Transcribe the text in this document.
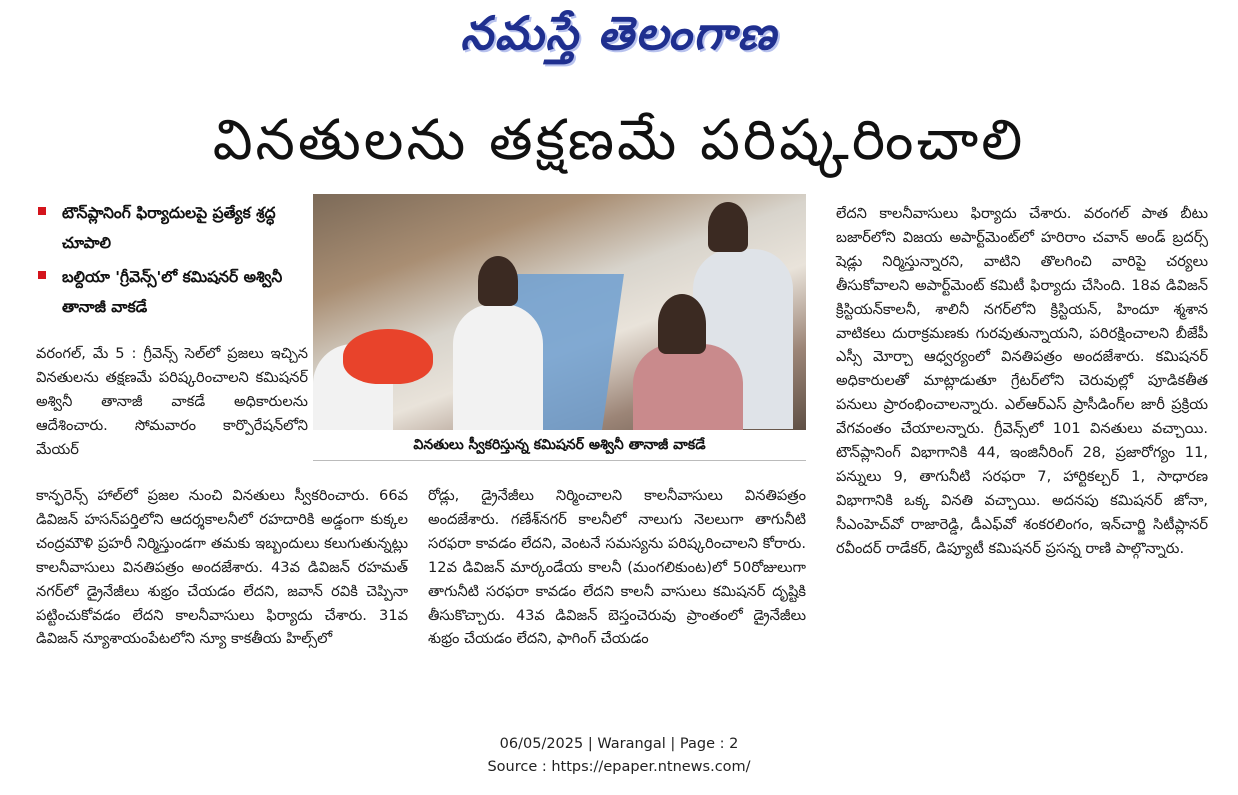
నమస్తే తెలంగాణ
వినతులను తక్షణమే పరిష్కరించాలి
టౌన్‌ప్లానింగ్ ఫిర్యాదులపై ప్రత్యేక శ్రద్ధ చూపాలి
బల్దియా 'గ్రీవెన్స్'లో కమిషనర్ అశ్వినీ తానాజీ వాకడే
వినతులు స్వీకరిస్తున్న కమిషనర్ అశ్వినీ తానాజీ వాకడే

వరంగల్, మే 5 : గ్రీవెన్స్ సెల్‌లో ప్రజలు ఇచ్చిన వినతులను తక్షణమే పరిష్కరించాలని కమిషనర్ అశ్వినీ తానాజీ వాకడే అధికారులను ఆదేశించారు. సోమవారం కార్పొరేషన్‌లోని మేయర్

కాన్ఫరెన్స్ హాల్‌లో ప్రజల నుంచి వినతులు స్వీకరించారు. 66వ డివిజన్ హసన్‌పర్తిలోని ఆదర్శకాలనీలో రహదారికి అడ్డంగా కుక్కల చంద్రమౌళి ప్రహరీ నిర్మిస్తుండగా తమకు ఇబ్బందులు కలుగుతున్నట్లు కాలనీవాసులు వినతిపత్రం అందజేశారు. 43వ డివిజన్ రహమత్ నగర్‌లో డ్రైనేజీలు శుభ్రం చేయడం లేదని, జవాన్ రవికి చెప్పినా పట్టించుకోవడం లేదని కాలనీవాసులు ఫిర్యాదు చేశారు. 31వ డివిజన్ న్యూశాయంపేటలోని న్యూ కాకతీయ హిల్స్‌లో

రోడ్లు, డ్రైనేజీలు నిర్మించాలని కాలనీవాసులు వినతిపత్రం అందజేశారు. గణేశ్‌నగర్ కాలనీలో నాలుగు నెలలుగా తాగునీటి సరఫరా కావడం లేదని, వెంటనే సమస్యను పరిష్కరించాలని కోరారు. 12వ డివిజన్ మార్కండేయ కాలనీ (మంగలికుంట)లో 50రోజులుగా తాగునీటి సరఫరా కావడం లేదని కాలనీ వాసులు కమిషనర్ దృష్టికి తీసుకొచ్చారు. 43వ డివిజన్ బెస్తంచెరువు ప్రాంతంలో డ్రైనేజీలు శుభ్రం చేయడం లేదని, ఫాగింగ్ చేయడం

లేదని కాలనీవాసులు ఫిర్యాదు చేశారు. వరంగల్ పాత బీటు బజార్‌లోని విజయ అపార్ట్‌మెంట్‌లో హరిరాం చవాన్ అండ్ బ్రదర్స్ షెడ్లు నిర్మిస్తున్నారని, వాటిని తొలగించి వారిపై చర్యలు తీసుకోవాలని అపార్ట్‌మెంట్ కమిటీ ఫిర్యాదు చేసింది. 18వ డివిజన్ క్రిస్టియన్‌కాలనీ, శాలినీ నగర్‌లోని క్రిస్టియన్, హిందూ శ్మశాన వాటికలు దురాక్రమణకు గురవుతున్నాయని, పరిరక్షించాలని బీజేపీ ఎస్సీ మోర్చా ఆధ్వర్యంలో వినతిపత్రం అందజేశారు. కమిషనర్ అధికారులతో మాట్లాడుతూ గ్రేటర్‌లోని చెరువుల్లో పూడికతీత పనులు ప్రారంభించాలన్నారు. ఎల్‌ఆర్‌ఎస్ ప్రాసీడింగ్‌ల జారీ ప్రక్రియ వేగవంతం చేయాలన్నారు. గ్రీవెన్స్‌లో 101 వినతులు వచ్చాయి. టౌన్‌ప్లానింగ్ విభాగానికి 44, ఇంజినీరింగ్ 28, ప్రజారోగ్యం 11, పన్నులు 9, తాగునీటి సరఫరా 7, హార్టికల్చర్ 1, సాధారణ విభాగానికి ఒక్క వినతి వచ్చాయి. అదనపు కమిషనర్ జోనా, సీఎంహెచ్‌వో రాజారెడ్డి, డీఎఫ్‌వో శంకరలింగం, ఇన్‌చార్జి సిటీప్లానర్ రవీందర్ రాడేకర్, డిప్యూటీ కమిషనర్ ప్రసన్న రాణి పాల్గొన్నారు.

06/05/2025 | Warangal | Page : 2
Source : https://epaper.ntnews.com/
